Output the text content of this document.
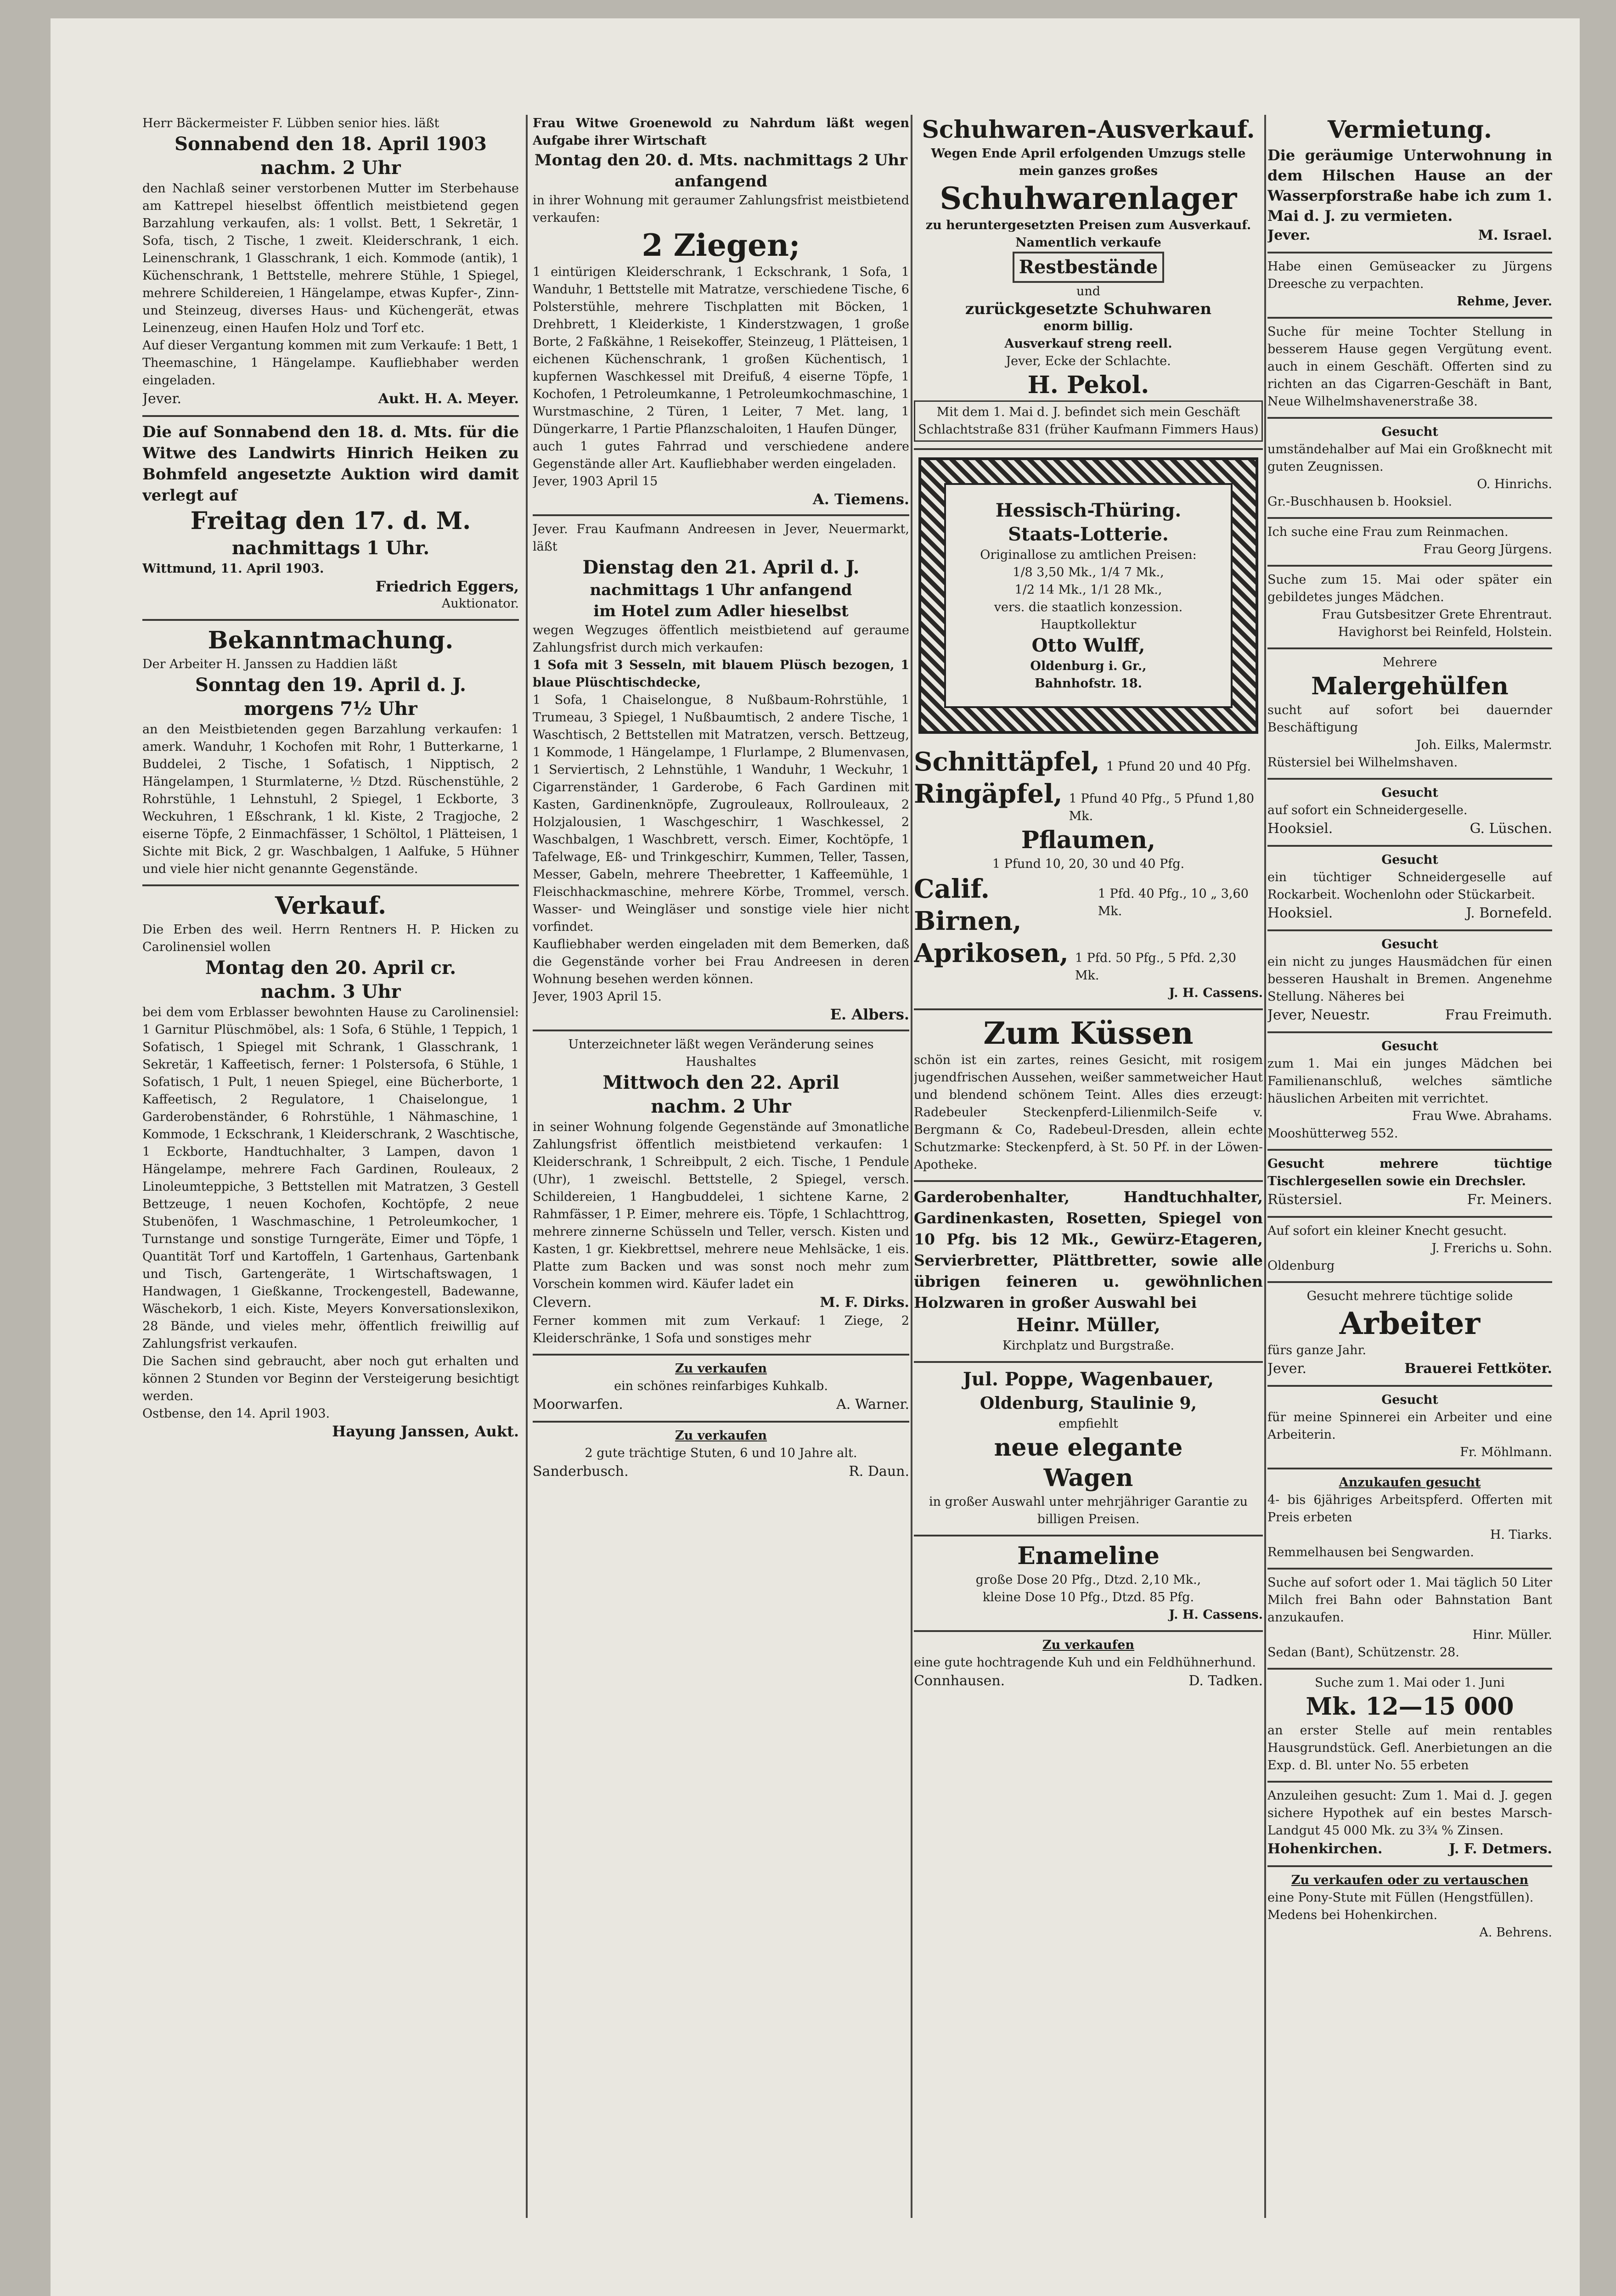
Herr Bäckermeister F. Lübben senior hies. läßt

Sonnabend den 18. April 1903

nachm. 2 Uhr

den Nachlaß seiner verstorbenen Mutter im Sterbehause am Kattrepel hieselbst öffentlich meistbietend gegen Barzahlung verkaufen, als: 1 vollst. Bett, 1 Sekretär, 1 Sofa, tisch, 2 Tische, 1 zweit. Kleiderschrank, 1 eich. Leinenschrank, 1 Glasschrank, 1 eich. Kommode (antik), 1 Küchenschrank, 1 Bettstelle, mehrere Stühle, 1 Spiegel, mehrere Schildereien, 1 Hängelampe, etwas Kupfer-, Zinn- und Steinzeug, diverses Haus- und Küchengerät, etwas Leinenzeug, einen Haufen Holz und Torf etc.

Auf dieser Vergantung kommen mit zum Verkaufe: 1 Bett, 1 Theemaschine, 1 Hängelampe. Kaufliebhaber werden eingeladen.

Jever.	Aukt. H. A. Meyer.

Die auf Sonnabend den 18. d. Mts. für die Witwe des Landwirts Hinrich Heiken zu Bohmfeld angesetzte Auktion wird damit verlegt auf

Freitag den 17. d. M.

nachmittags 1 Uhr.

Wittmund, 11. April 1903.

Friedrich Eggers,

Auktionator.

Bekanntmachung.

Der Arbeiter H. Janssen zu Haddien läßt

Sonntag den 19. April d. J.

morgens 7½ Uhr

an den Meistbietenden gegen Barzahlung verkaufen: 1 amerk. Wanduhr, 1 Kochofen mit Rohr, 1 Butterkarne, 1 Buddelei, 2 Tische, 1 Sofatisch, 1 Nipptisch, 2 Hängelampen, 1 Sturmlaterne, ½ Dtzd. Rüschenstühle, 2 Rohrstühle, 1 Lehnstuhl, 2 Spiegel, 1 Eckborte, 3 Weckuhren, 1 Eßschrank, 1 kl. Kiste, 2 Tragjoche, 2 eiserne Töpfe, 2 Einmachfässer, 1 Schöltol, 1 Plätteisen, 1 Sichte mit Bick, 2 gr. Waschbalgen, 1 Aalfuke, 5 Hühner und viele hier nicht genannte Gegenstände.

Verkauf.

Die Erben des weil. Herrn Rentners H. P. Hicken zu Carolinensiel wollen

Montag den 20. April cr.

nachm. 3 Uhr

bei dem vom Erblasser bewohnten Hause zu Carolinensiel: 1 Garnitur Plüschmöbel, als: 1 Sofa, 6 Stühle, 1 Teppich, 1 Sofatisch, 1 Spiegel mit Schrank, 1 Glasschrank, 1 Sekretär, 1 Kaffeetisch, ferner: 1 Polstersofa, 6 Stühle, 1 Sofatisch, 1 Pult, 1 neuen Spiegel, eine Bücherborte, 1 Kaffeetisch, 2 Regulatore, 1 Chaiselongue, 1 Garderobenständer, 6 Rohrstühle, 1 Nähmaschine, 1 Kommode, 1 Eckschrank, 1 Kleiderschrank, 2 Waschtische, 1 Eckborte, Handtuchhalter, 3 Lampen, davon 1 Hängelampe, mehrere Fach Gardinen, Rouleaux, 2 Linoleumteppiche, 3 Bettstellen mit Matratzen, 3 Gestell Bettzeuge, 1 neuen Kochofen, Kochtöpfe, 2 neue Stubenöfen, 1 Waschmaschine, 1 Petroleumkocher, 1 Turnstange und sonstige Turngeräte, Eimer und Töpfe, 1 Quantität Torf und Kartoffeln, 1 Gartenhaus, Gartenbank und Tisch, Gartengeräte, 1 Wirtschaftswagen, 1 Handwagen, 1 Gießkanne, Trockengestell, Badewanne, Wäschekorb, 1 eich. Kiste, Meyers Konversationslexikon, 28 Bände, und vieles mehr, öffentlich freiwillig auf Zahlungsfrist verkaufen.

Die Sachen sind gebraucht, aber noch gut erhalten und können 2 Stunden vor Beginn der Versteigerung besichtigt werden.

Ostbense, den 14. April 1903.

Hayung Janssen, Aukt.

Frau Witwe Groenewold zu Nahrdum läßt wegen Aufgabe ihrer Wirtschaft

Montag den 20. d. Mts. nachmittags 2 Uhr anfangend

in ihrer Wohnung mit geraumer Zahlungsfrist meistbietend verkaufen:

2 Ziegen;

1 eintürigen Kleiderschrank, 1 Eckschrank, 1 Sofa, 1 Wanduhr, 1 Bettstelle mit Matratze, verschiedene Tische, 6 Polsterstühle, mehrere Tischplatten mit Böcken, 1 Drehbrett, 1 Kleiderkiste, 1 Kinderstzwagen, 1 große Borte, 2 Faßkähne, 1 Reisekoffer, Steinzeug, 1 Plätteisen, 1 eichenen Küchenschrank, 1 großen Küchentisch, 1 kupfernen Waschkessel mit Dreifuß, 4 eiserne Töpfe, 1 Kochofen, 1 Petroleumkanne, 1 Petroleumkochmaschine, 1 Wurstmaschine, 2 Türen, 1 Leiter, 7 Met. lang, 1 Düngerkarre, 1 Partie Pflanzschaloiten, 1 Haufen Dünger,

auch 1 gutes Fahrrad und verschiedene andere Gegenstände aller Art. Kaufliebhaber werden eingeladen.

Jever, 1903 April 15

A. Tiemens.

Jever. Frau Kaufmann Andreesen in Jever, Neuermarkt, läßt

Dienstag den 21. April d. J.

nachmittags 1 Uhr anfangend

im Hotel zum Adler hieselbst

wegen Wegzuges öffentlich meistbietend auf geraume Zahlungsfrist durch mich verkaufen:

1 Sofa mit 3 Sesseln, mit blauem Plüsch bezogen, 1 blaue Plüschtischdecke,

1 Sofa, 1 Chaiselongue, 8 Nußbaum-Rohrstühle, 1 Trumeau, 3 Spiegel, 1 Nußbaumtisch, 2 andere Tische, 1 Waschtisch, 2 Bettstellen mit Matratzen, versch. Bettzeug, 1 Kommode, 1 Hängelampe, 1 Flurlampe, 2 Blumenvasen, 1 Serviertisch, 2 Lehnstühle, 1 Wanduhr, 1 Weckuhr, 1 Cigarrenständer, 1 Garderobe, 6 Fach Gardinen mit Kasten, Gardinenknöpfe, Zugrouleaux, Rollrouleaux, 2 Holzjalousien, 1 Waschgeschirr, 1 Waschkessel, 2 Waschbalgen, 1 Waschbrett, versch. Eimer, Kochtöpfe, 1 Tafelwage, Eß- und Trinkgeschirr, Kummen, Teller, Tassen, Messer, Gabeln, mehrere Theebretter, 1 Kaffeemühle, 1 Fleischhackmaschine, mehrere Körbe, Trommel, versch. Wasser- und Weingläser und sonstige viele hier nicht vorfindet.

Kaufliebhaber werden eingeladen mit dem Bemerken, daß die Gegenstände vorher bei Frau Andreesen in deren Wohnung besehen werden können.

Jever, 1903 April 15.

E. Albers.

Unterzeichneter läßt wegen Veränderung seines Haushaltes

Mittwoch den 22. April

nachm. 2 Uhr

in seiner Wohnung folgende Gegenstände auf 3monatliche Zahlungsfrist öffentlich meistbietend verkaufen: 1 Kleiderschrank, 1 Schreibpult, 2 eich. Tische, 1 Pendule (Uhr), 1 zweischl. Bettstelle, 2 Spiegel, versch. Schildereien, 1 Hangbuddelei, 1 sichtene Karne, 2 Rahmfässer, 1 P. Eimer, mehrere eis. Töpfe, 1 Schlachttrog, mehrere zinnerne Schüsseln und Teller, versch. Kisten und Kasten, 1 gr. Kiekbrettsel, mehrere neue Mehlsäcke, 1 eis. Platte zum Backen und was sonst noch mehr zum Vorschein kommen wird. Käufer ladet ein

Clevern.	M. F. Dirks.

Ferner kommen mit zum Verkauf: 1 Ziege, 2 Kleiderschränke, 1 Sofa und sonstiges mehr

Zu verkaufen

ein schönes reinfarbiges Kuhkalb.

Moorwarfen.	A. Warner.

Zu verkaufen

2 gute trächtige Stuten, 6 und 10 Jahre alt.

Sanderbusch.	R. Daun.

Schuhwaren-Ausverkauf.

Wegen Ende April erfolgenden Umzugs stelle mein ganzes großes

Schuhwarenlager

zu heruntergesetzten Preisen zum Ausverkauf. Namentlich verkaufe

Restbestände

und

zurückgesetzte Schuhwaren

enorm billig.

Ausverkauf streng reell.

Jever, Ecke der Schlachte.

H. Pekol.

Mit dem 1. Mai d. J. befindet sich mein Geschäft Schlachtstraße 831 (früher Kaufmann Fimmers Haus)

Hessisch-Thüring.

Staats-Lotterie.

Originallose zu amtlichen Preisen:

1/8 3,50 Mk., 1/4 7 Mk.,

1/2 14 Mk., 1/1 28 Mk.,

vers. die staatlich konzession. Hauptkollektur

Otto Wulff,

Oldenburg i. Gr.,

Bahnhofstr. 18.

Schnittäpfel, 1 Pfund 20 und 40 Pfg.
Ringäpfel, 1 Pfund 40 Pfg., 5 Pfund 1,80 Mk.

Pflaumen,

1 Pfund 10, 20, 30 und 40 Pfg.

Calif. Birnen,
1 Pfd. 40 Pfg., 10 „ 3,60 Mk.
Aprikosen, 1 Pfd. 50 Pfg., 5 Pfd. 2,30 Mk.

J. H. Cassens.

Zum Küssen

schön ist ein zartes, reines Gesicht, mit rosigem jugendfrischen Aussehen, weißer sammetweicher Haut und blendend schönem Teint. Alles dies erzeugt: Radebeuler Steckenpferd-Lilienmilch-Seife v. Bergmann & Co, Radebeul-Dresden, allein echte Schutzmarke: Steckenpferd, à St. 50 Pf. in der Löwen-Apotheke.

Garderobenhalter, Handtuchhalter, Gardinenkasten, Rosetten, Spiegel von 10 Pfg. bis 12 Mk., Gewürz-Etageren, Servierbretter, Plättbretter, sowie alle übrigen feineren u. gewöhnlichen Holzwaren in großer Auswahl bei

Heinr. Müller,

Kirchplatz und Burgstraße.

Jul. Poppe, Wagenbauer,

Oldenburg, Staulinie 9,

empfiehlt

neue elegante

Wagen

in großer Auswahl unter mehrjähriger Garantie zu billigen Preisen.

Enameline

große Dose 20 Pfg., Dtzd. 2,10 Mk.,

kleine Dose 10 Pfg., Dtzd. 85 Pfg.

J. H. Cassens.

Zu verkaufen

eine gute hochtragende Kuh und ein Feldhühnerhund.

Connhausen.	D. Tadken.

Vermietung.

Die geräumige Unterwohnung in dem Hilschen Hause an der Wasserpforstraße habe ich zum 1. Mai d. J. zu vermieten.

Jever.	M. Israel.

Habe einen Gemüseacker zu Jürgens Dreesche zu verpachten.

Rehme, Jever.

Suche für meine Tochter Stellung in besserem Hause gegen Vergütung event. auch in einem Geschäft. Offerten sind zu richten an das Cigarren-Geschäft in Bant, Neue Wilhelmshavenerstraße 38.

Gesucht

umständehalber auf Mai ein Großknecht mit guten Zeugnissen.

O. Hinrichs.

Gr.-Buschhausen b. Hooksiel.

Ich suche eine Frau zum Reinmachen.

Frau Georg Jürgens.

Suche zum 15. Mai oder später ein gebildetes junges Mädchen.

Frau Gutsbesitzer Grete Ehrentraut.

Havighorst bei Reinfeld, Holstein.

Mehrere

Malergehülfen

sucht auf sofort bei dauernder Beschäftigung

Joh. Eilks, Malermstr.

Rüstersiel bei Wilhelmshaven.

Gesucht

auf sofort ein Schneidergeselle.

Hooksiel.	G. Lüschen.

Gesucht

ein tüchtiger Schneidergeselle auf Rockarbeit. Wochenlohn oder Stückarbeit.

Hooksiel.	J. Bornefeld.

Gesucht

ein nicht zu junges Hausmädchen für einen besseren Haushalt in Bremen. Angenehme Stellung. Näheres bei

Jever, Neuestr.	Frau Freimuth.

Gesucht

zum 1. Mai ein junges Mädchen bei Familienanschluß, welches sämtliche häuslichen Arbeiten mit verrichtet.

Frau Wwe. Abrahams.

Mooshütterweg 552.

Gesucht mehrere tüchtige Tischlergesellen sowie ein Drechsler.

Rüstersiel.	Fr. Meiners.

Auf sofort ein kleiner Knecht gesucht.

J. Frerichs u. Sohn.

Oldenburg

Gesucht mehrere tüchtige solide

Arbeiter

fürs ganze Jahr.

Jever.	Brauerei Fettköter.

Gesucht

für meine Spinnerei ein Arbeiter und eine Arbeiterin.

Fr. Möhlmann.

Anzukaufen gesucht

4- bis 6jähriges Arbeitspferd. Offerten mit Preis erbeten

H. Tiarks.

Remmelhausen bei Sengwarden.

Suche auf sofort oder 1. Mai täglich 50 Liter Milch frei Bahn oder Bahnstation Bant anzukaufen.

Hinr. Müller.

Sedan (Bant), Schützenstr. 28.

Suche zum 1. Mai oder 1. Juni

Mk. 12—15 000

an erster Stelle auf mein rentables Hausgrundstück. Gefl. Anerbietungen an die Exp. d. Bl. unter No. 55 erbeten

Anzuleihen gesucht: Zum 1. Mai d. J. gegen sichere Hypothek auf ein bestes Marsch-Landgut 45 000 Mk. zu 3¾ % Zinsen.

Hohenkirchen.	J. F. Detmers.

Zu verkaufen oder zu vertauschen

eine Pony-Stute mit Füllen (Hengstfüllen).

Medens bei Hohenkirchen.

A. Behrens.
